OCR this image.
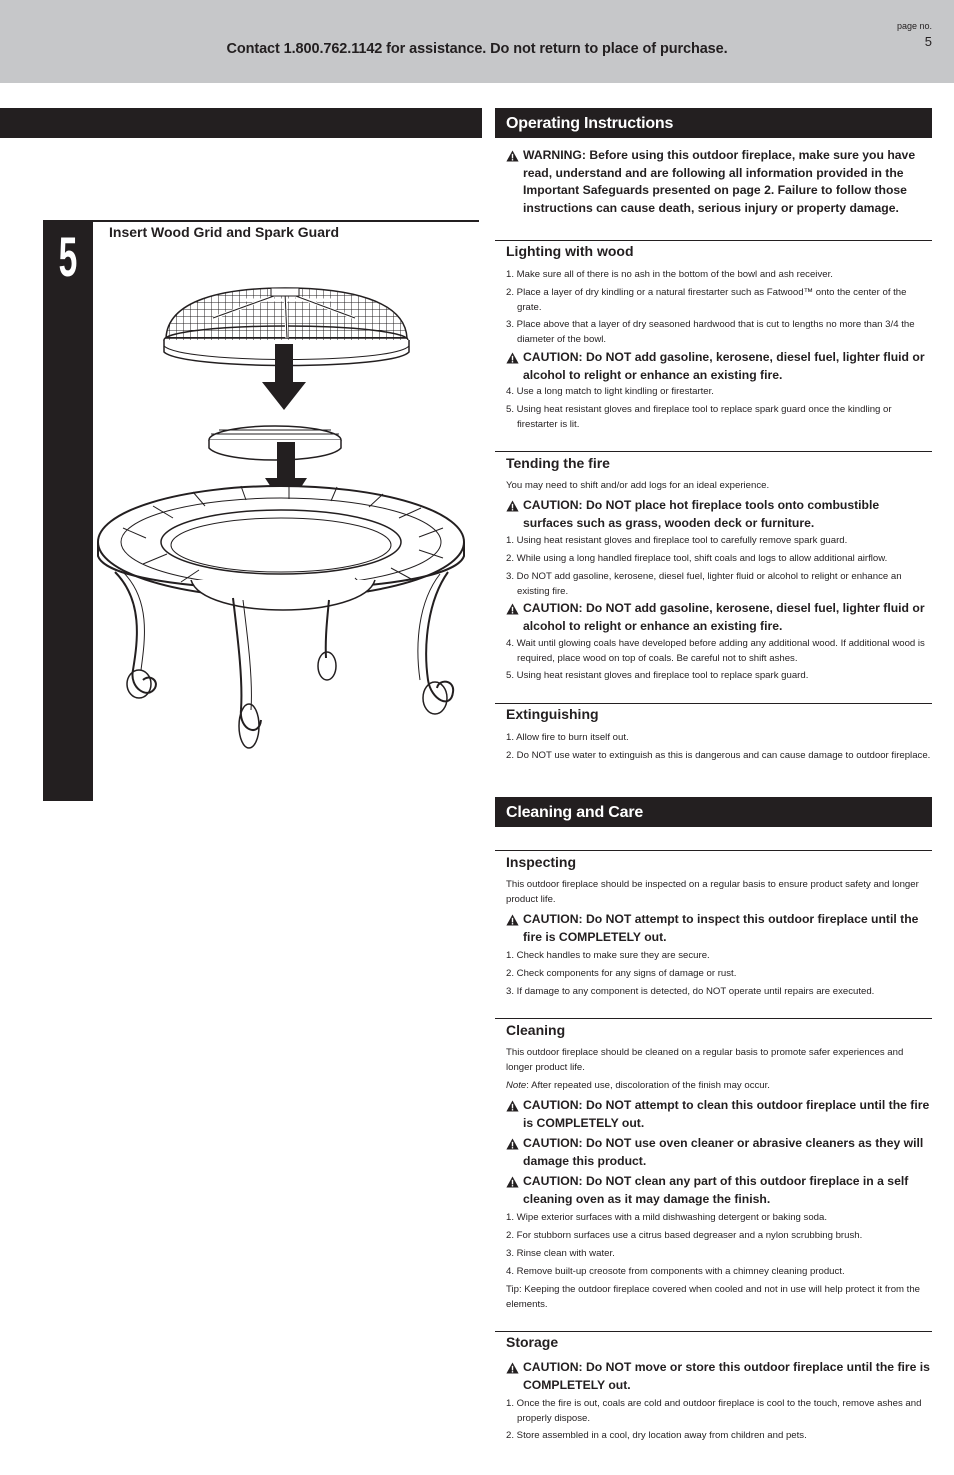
Contact 1.800.762.1142 for assistance. Do not return to place of purchase.
page no.
5
5	Insert Wood Grid and Spark Guard
Operating Instructions
WARNING: Before using this outdoor fireplace, make sure you have read, understand and are following all information provided in the Important Safeguards presented on page 2. Failure to follow those instructions can cause death, serious injury or property damage.
Lighting with wood
1. Make sure all of there is no ash in the bottom of the bowl and ash receiver.
2. Place a layer of dry kindling or a natural firestarter such as Fatwood™ onto the center of the grate.
3. Place above that a layer of dry seasoned hardwood that is cut to lengths no more than 3/4 the diameter of the bowl.
CAUTION: Do NOT add gasoline, kerosene, diesel fuel, lighter fluid or alcohol to relight or enhance an existing fire.
4. Use a long match to light kindling or firestarter.
5. Using heat resistant gloves and fireplace tool to replace spark guard once the kindling or firestarter is lit.
Tending the fire
You may need to shift and/or add logs for an ideal experience.
CAUTION: Do NOT place hot fireplace tools onto combustible surfaces such as grass, wooden deck or furniture.
1. Using heat resistant gloves and fireplace tool to carefully remove spark guard.
2. While using a long handled fireplace tool, shift coals and logs to allow additional airflow.
3. Do NOT add gasoline, kerosene, diesel fuel, lighter fluid or alcohol to relight or enhance an existing fire.
CAUTION: Do NOT add gasoline, kerosene, diesel fuel, lighter fluid or alcohol to relight or enhance an existing fire.
4. Wait until glowing coals have developed before adding any additional wood. If additional wood is required, place wood on top of coals. Be careful not to shift ashes.
5. Using heat resistant gloves and fireplace tool to replace spark guard.
Extinguishing
1. Allow fire to burn itself out.
2. Do NOT use water to extinguish as this is dangerous and can cause damage to outdoor fireplace.
Cleaning and Care
Inspecting
This outdoor fireplace should be inspected on a regular basis to ensure product safety and longer product life.
CAUTION: Do NOT attempt to inspect this outdoor fireplace until the fire is COMPLETELY out.
1. Check handles to make sure they are secure.
2. Check components for any signs of damage or rust.
3. If damage to any component is detected, do NOT operate until repairs are executed.
Cleaning
This outdoor fireplace should be cleaned on a regular basis to promote safer experiences and longer product life.
Note: After repeated use, discoloration of the finish may occur.
CAUTION: Do NOT attempt to clean this outdoor fireplace until the fire is COMPLETELY out.
CAUTION: Do NOT use oven cleaner or abrasive cleaners as they will damage this product.
CAUTION: Do NOT clean any part of this outdoor fireplace in a self cleaning oven as it may damage the finish.
1. Wipe exterior surfaces with a mild dishwashing detergent or baking soda.
2. For stubborn surfaces use a citrus based degreaser and a nylon scrubbing brush.
3. Rinse clean with water.
4. Remove built-up creosote from components with a chimney cleaning product.
Tip: Keeping the outdoor fireplace covered when cooled and not in use will help protect it from the elements.
Storage
CAUTION: Do NOT move or store this outdoor fireplace until the fire is COMPLETELY out.
1. Once the fire is out, coals are cold and outdoor fireplace is cool to the touch, remove ashes and properly dispose.
2. Store assembled in a cool, dry location away from children and pets.
